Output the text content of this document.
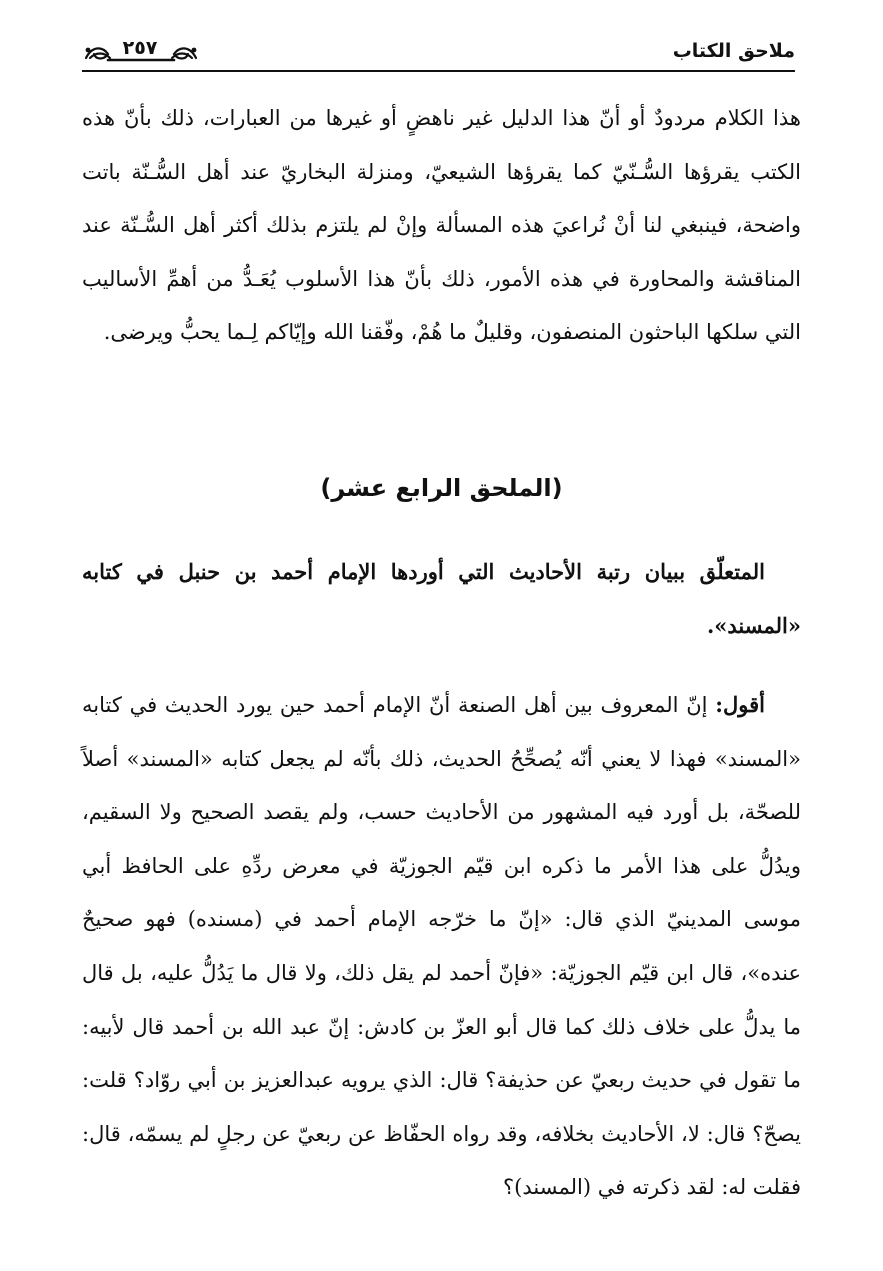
ملاحق الكتاب
٢٥٧

هذا الكلام مردودٌ أو أنّ هذا الدليل غير ناهضٍ أو غيرها من العبارات، ذلك بأنّ هذه الكتب يقرؤها السُّـنّيّ كما يقرؤها الشيعيّ، ومنزلة البخاريّ عند أهل السُّـنّة باتت واضحة، فينبغي لنا أنْ نُراعيَ هذه المسألة وإنْ لم يلتزم بذلك أكثر أهل السُّـنّة عند المناقشة والمحاورة في هذه الأمور، ذلك بأنّ هذا الأسلوب يُعَـدُّ من أهمِّ الأساليب التي سلكها الباحثون المنصفون، وقليلٌ ما هُمْ، وفّقنا الله وإيّاكم لِـما يحبُّ ويرضى.

(الملحق الرابع عشر)

المتعلّق ببيان رتبة الأحاديث التي أوردها الإمام أحمد بن حنبل في كتابه «المسند».

أقول: إنّ المعروف بين أهل الصنعة أنّ الإمام أحمد حين يورد الحديث في كتابه «المسند» فهذا لا يعني أنّه يُصحِّحُ الحديث، ذلك بأنّه لم يجعل كتابه «المسند» أصلاً للصحّة، بل أورد فيه المشهور من الأحاديث حسب، ولم يقصد الصحيح ولا السقيم، ويدُلُّ على هذا الأمر ما ذكره ابن قيّم الجوزيّة في معرض ردِّهِ على الحافظ أبي موسى المدينيّ الذي قال: «إنّ ما خرّجه الإمام أحمد في (مسنده) فهو صحيحٌ عنده»، قال ابن قيّم الجوزيّة: «فإنّ أحمد لم يقل ذلك، ولا قال ما يَدُلُّ عليه، بل قال ما يدلُّ على خلاف ذلك كما قال أبو العزّ بن كادش: إنّ عبد الله بن أحمد قال لأبيه: ما تقول في حديث ربعيّ عن حذيفة؟ قال: الذي يرويه عبدالعزيز بن أبي روّاد؟ قلت: يصحّ؟ قال: لا، الأحاديث بخلافه، وقد رواه الحفّاظ عن ربعيّ عن رجلٍ لم يسمّه، قال: فقلت له: لقد ذكرته في (المسند)؟
